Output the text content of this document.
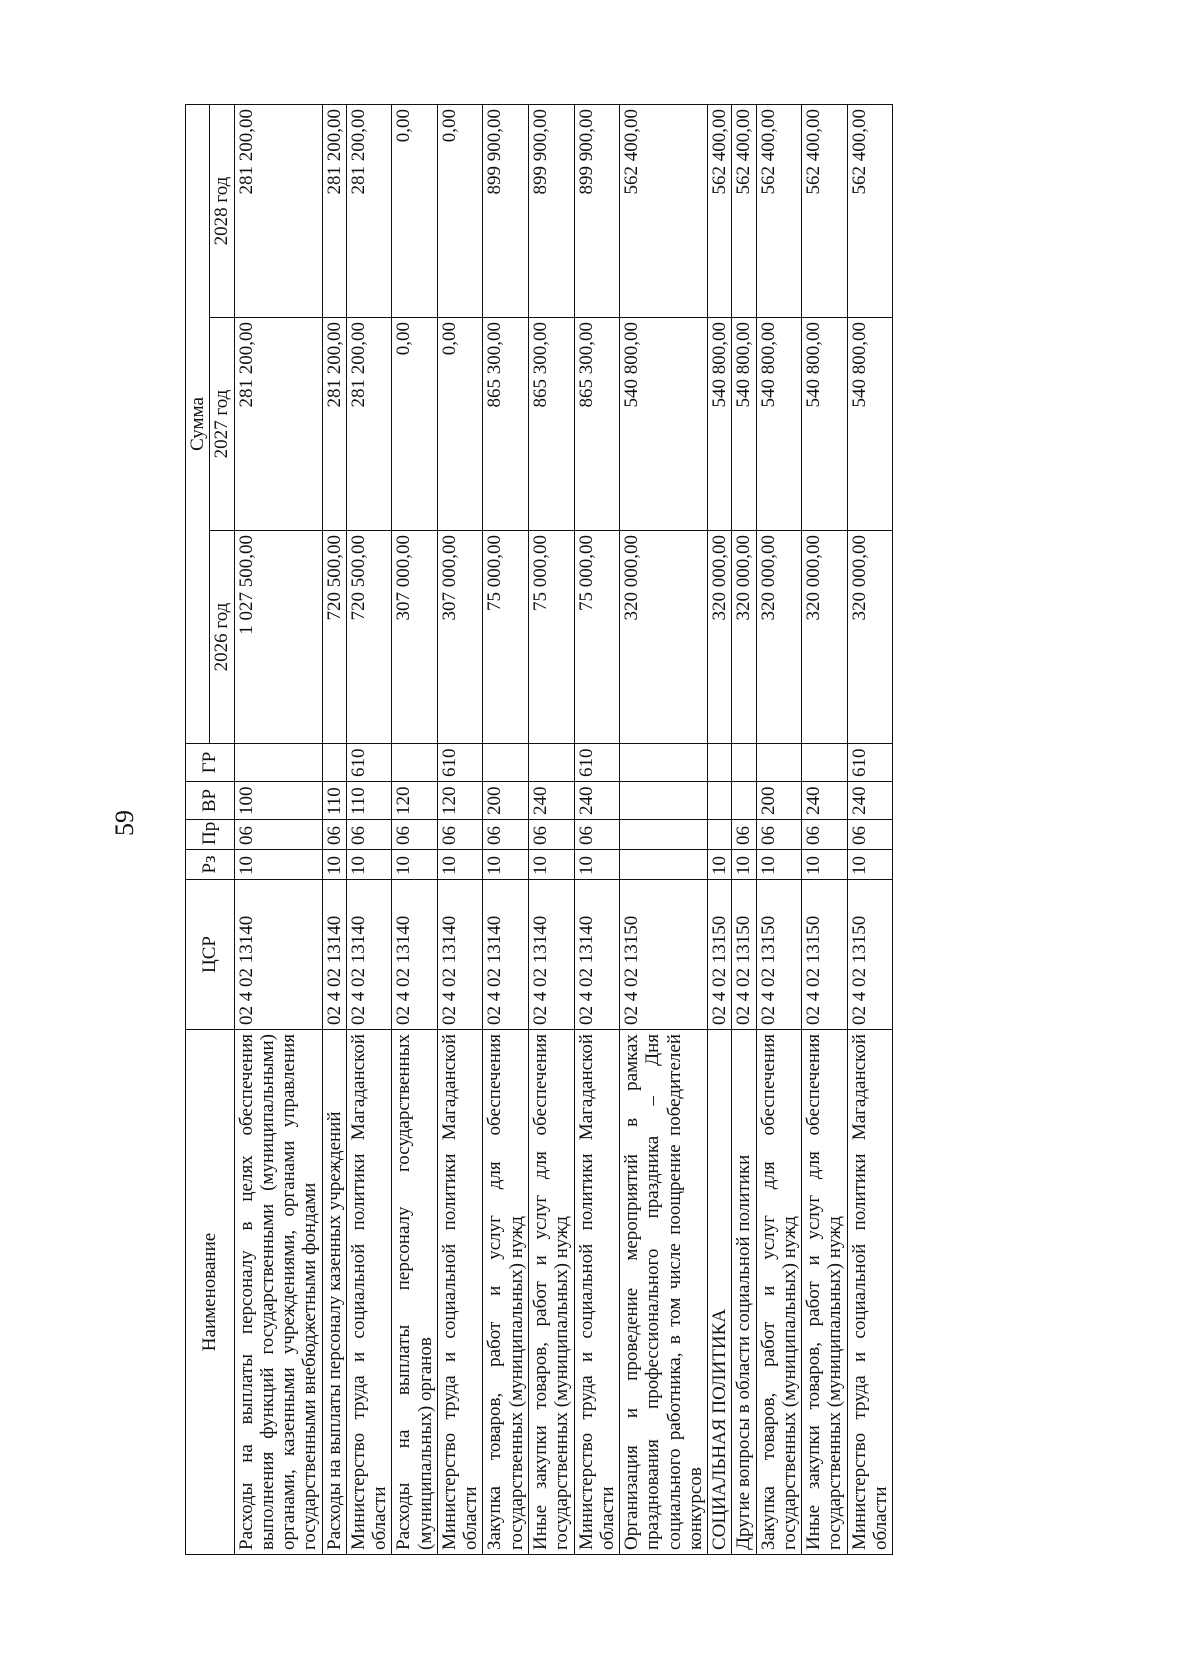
59
Наименование	ЦСР	Рз	Пр	ВР	ГР	Сумма		
						2026 год	2027 год	2028 год
Расходы на выплаты персоналу в целях обеспечения выполнения функций государственными (муниципальными) органами, казенными учреждениями, органами управления государственными внебюджетными фондами	02 4 02 13140	10	06	100		1 027 500,00	281 200,00	281 200,00
Расходы на выплаты персоналу казенных учреждений	02 4 02 13140	10	06	110		720 500,00	281 200,00	281 200,00
Министерство труда и социальной политики Магаданской области	02 4 02 13140	10	06	110	610	720 500,00	281 200,00	281 200,00
Расходы на выплаты персоналу государственных (муниципальных) органов	02 4 02 13140	10	06	120		307 000,00	0,00	0,00
Министерство труда и социальной политики Магаданской области	02 4 02 13140	10	06	120	610	307 000,00	0,00	0,00
Закупка товаров, работ и услуг для обеспечения государственных (муниципальных) нужд	02 4 02 13140	10	06	200		75 000,00	865 300,00	899 900,00
Иные закупки товаров, работ и услуг для обеспечения государственных (муниципальных) нужд	02 4 02 13140	10	06	240		75 000,00	865 300,00	899 900,00
Министерство труда и социальной политики Магаданской области	02 4 02 13140	10	06	240	610	75 000,00	865 300,00	899 900,00
Организация и проведение мероприятий в рамках празднования профессионального праздника – Дня социального работника, в том числе поощрение победителей конкурсов	02 4 02 13150					320 000,00	540 800,00	562 400,00
СОЦИАЛЬНАЯ ПОЛИТИКА	02 4 02 13150	10				320 000,00	540 800,00	562 400,00
Другие вопросы в области социальной политики	02 4 02 13150	10	06			320 000,00	540 800,00	562 400,00
Закупка товаров, работ и услуг для обеспечения государственных (муниципальных) нужд	02 4 02 13150	10	06	200		320 000,00	540 800,00	562 400,00
Иные закупки товаров, работ и услуг для обеспечения государственных (муниципальных) нужд	02 4 02 13150	10	06	240		320 000,00	540 800,00	562 400,00
Министерство труда и социальной политики Магаданской области	02 4 02 13150	10	06	240	610	320 000,00	540 800,00	562 400,00
